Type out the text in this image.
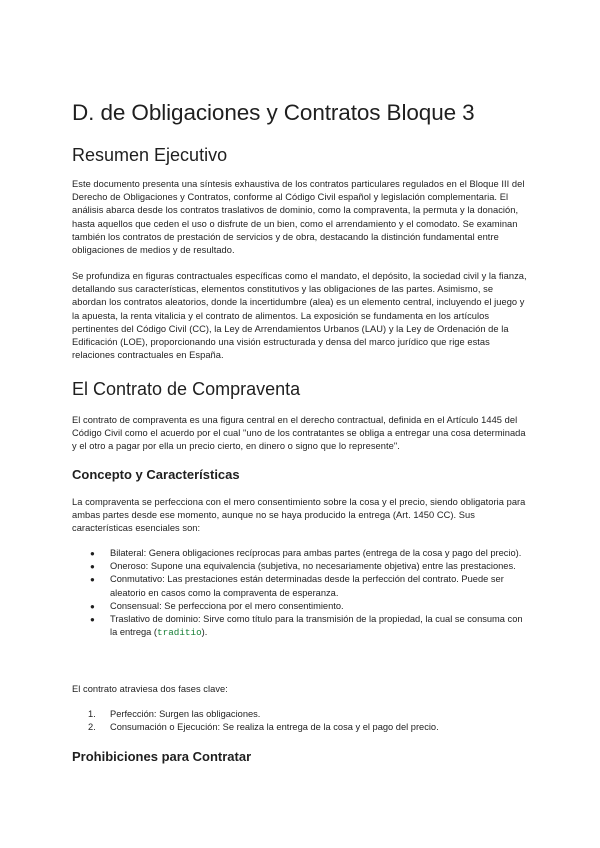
D. de Obligaciones y Contratos Bloque 3
Resumen Ejecutivo

Este documento presenta una síntesis exhaustiva de los contratos particulares regulados en el Bloque III del Derecho de Obligaciones y Contratos, conforme al Código Civil español y legislación complementaria. El análisis abarca desde los contratos traslativos de dominio, como la compraventa, la permuta y la donación, hasta aquellos que ceden el uso o disfrute de un bien, como el arrendamiento y el comodato. Se examinan también los contratos de prestación de servicios y de obra, destacando la distinción fundamental entre obligaciones de medios y de resultado.

Se profundiza en figuras contractuales específicas como el mandato, el depósito, la sociedad civil y la fianza, detallando sus características, elementos constitutivos y las obligaciones de las partes. Asimismo, se abordan los contratos aleatorios, donde la incertidumbre (alea) es un elemento central, incluyendo el juego y la apuesta, la renta vitalicia y el contrato de alimentos. La exposición se fundamenta en los artículos pertinentes del Código Civil (CC), la Ley de Arrendamientos Urbanos (LAU) y la Ley de Ordenación de la Edificación (LOE), proporcionando una visión estructurada y densa del marco jurídico que rige estas relaciones contractuales en España.

El Contrato de Compraventa

El contrato de compraventa es una figura central en el derecho contractual, definida en el Artículo 1445 del Código Civil como el acuerdo por el cual "uno de los contratantes se obliga a entregar una cosa determinada y el otro a pagar por ella un precio cierto, en dinero o signo que lo represente".

Concepto y Características

La compraventa se perfecciona con el mero consentimiento sobre la cosa y el precio, siendo obligatoria para ambas partes desde ese momento, aunque no se haya producido la entrega (Art. 1450 CC). Sus características esenciales son:

● Bilateral: Genera obligaciones recíprocas para ambas partes (entrega de la cosa y pago del precio).
● Oneroso: Supone una equivalencia (subjetiva, no necesariamente objetiva) entre las prestaciones.
● Conmutativo: Las prestaciones están determinadas desde la perfección del contrato. Puede ser aleatorio en casos como la compraventa de esperanza.
● Consensual: Se perfecciona por el mero consentimiento.
● Traslativo de dominio: Sirve como título para la transmisión de la propiedad, la cual se consuma con la entrega (traditio).

El contrato atraviesa dos fases clave:

1. Perfección: Surgen las obligaciones.
2. Consumación o Ejecución: Se realiza la entrega de la cosa y el pago del precio.
Prohibiciones para Contratar
